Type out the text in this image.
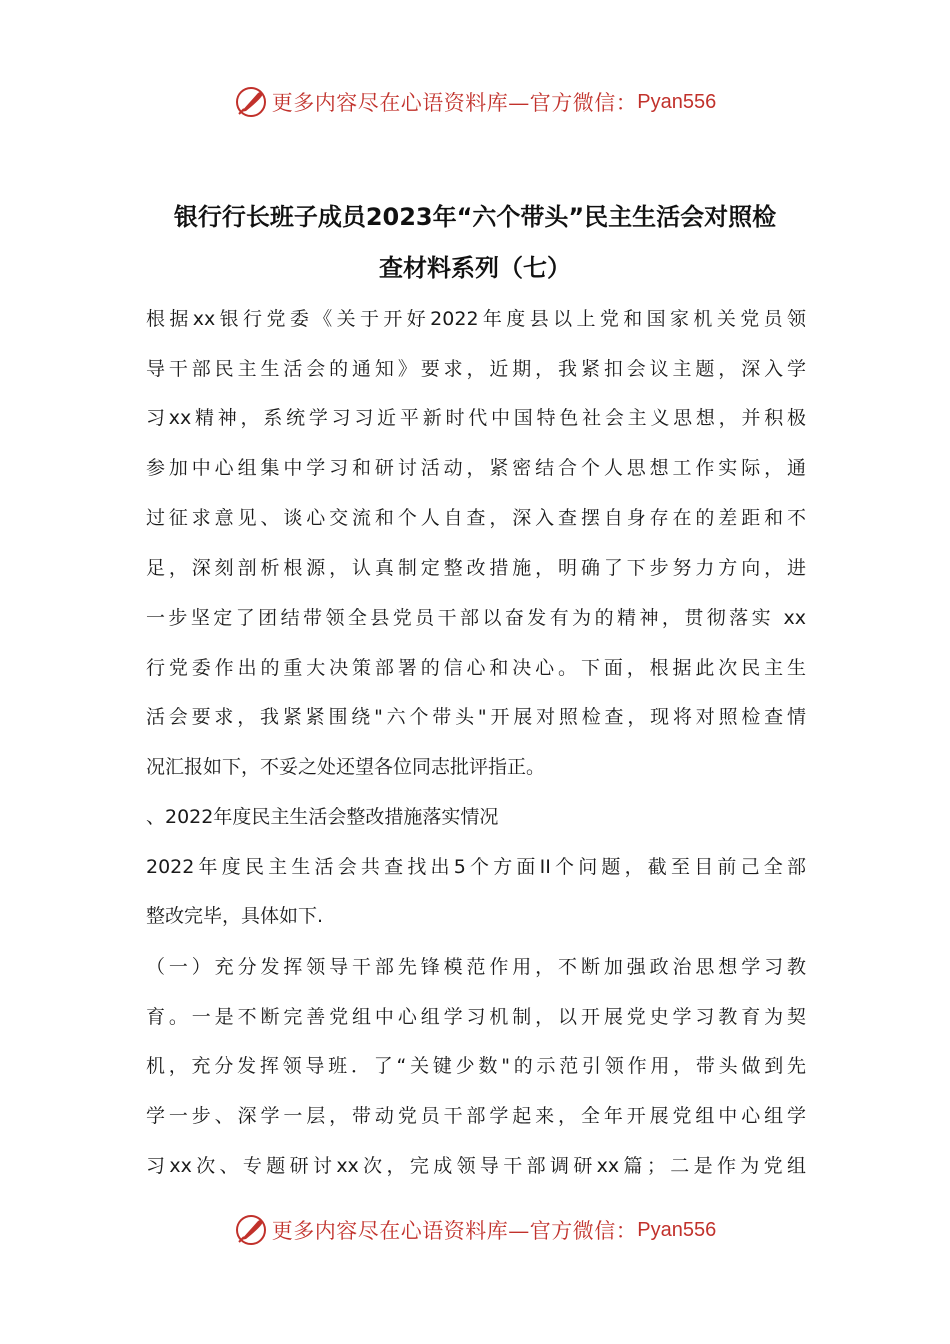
更多内容尽在心语资料库—官方微信： Pyan556
银行行长班子成员2023年“六个带头”民主生活会对照检
查材料系列（七）
根据xx银行党委《关于开好2022年度县以上党和国家机关党员领
导干部民主生活会的通知》要求，近期，我紧扣会议主题，深入学
习xx精神，系统学习习近平新时代中国特色社会主义思想，并积极
参加中心组集中学习和研讨活动，紧密结合个人思想工作实际，通
过征求意见、谈心交流和个人自查，深入查摆自身存在的差距和不
足，深刻剖析根源，认真制定整改措施，明确了下步努力方向，进
一步坚定了团结带领全县党员干部以奋发有为的精神，贯彻落实 xx
行党委作出的重大决策部署的信心和决心。下面，根据此次民主生
活会要求，我紧紧围绕"六个带头"开展对照检查，现将对照检查情
况汇报如下，不妥之处还望各位同志批评指正。
、2022年度民主生活会整改措施落实情况
2022年度民主生活会共查找出5个方面II个问题，截至目前己全部
整改完毕，具体如下.
（一）充分发挥领导干部先锋模范作用，不断加强政治思想学习教
育。一是不断完善党组中心组学习机制，以开展党史学习教育为契
机，充分发挥领导班．了“关键少数"的示范引领作用，带头做到先
学一步、深学一层，带动党员干部学起来，全年开展党组中心组学
习xx次、专题研讨xx次，完成领导干部调研xx篇；二是作为党组
更多内容尽在心语资料库—官方微信： Pyan556
